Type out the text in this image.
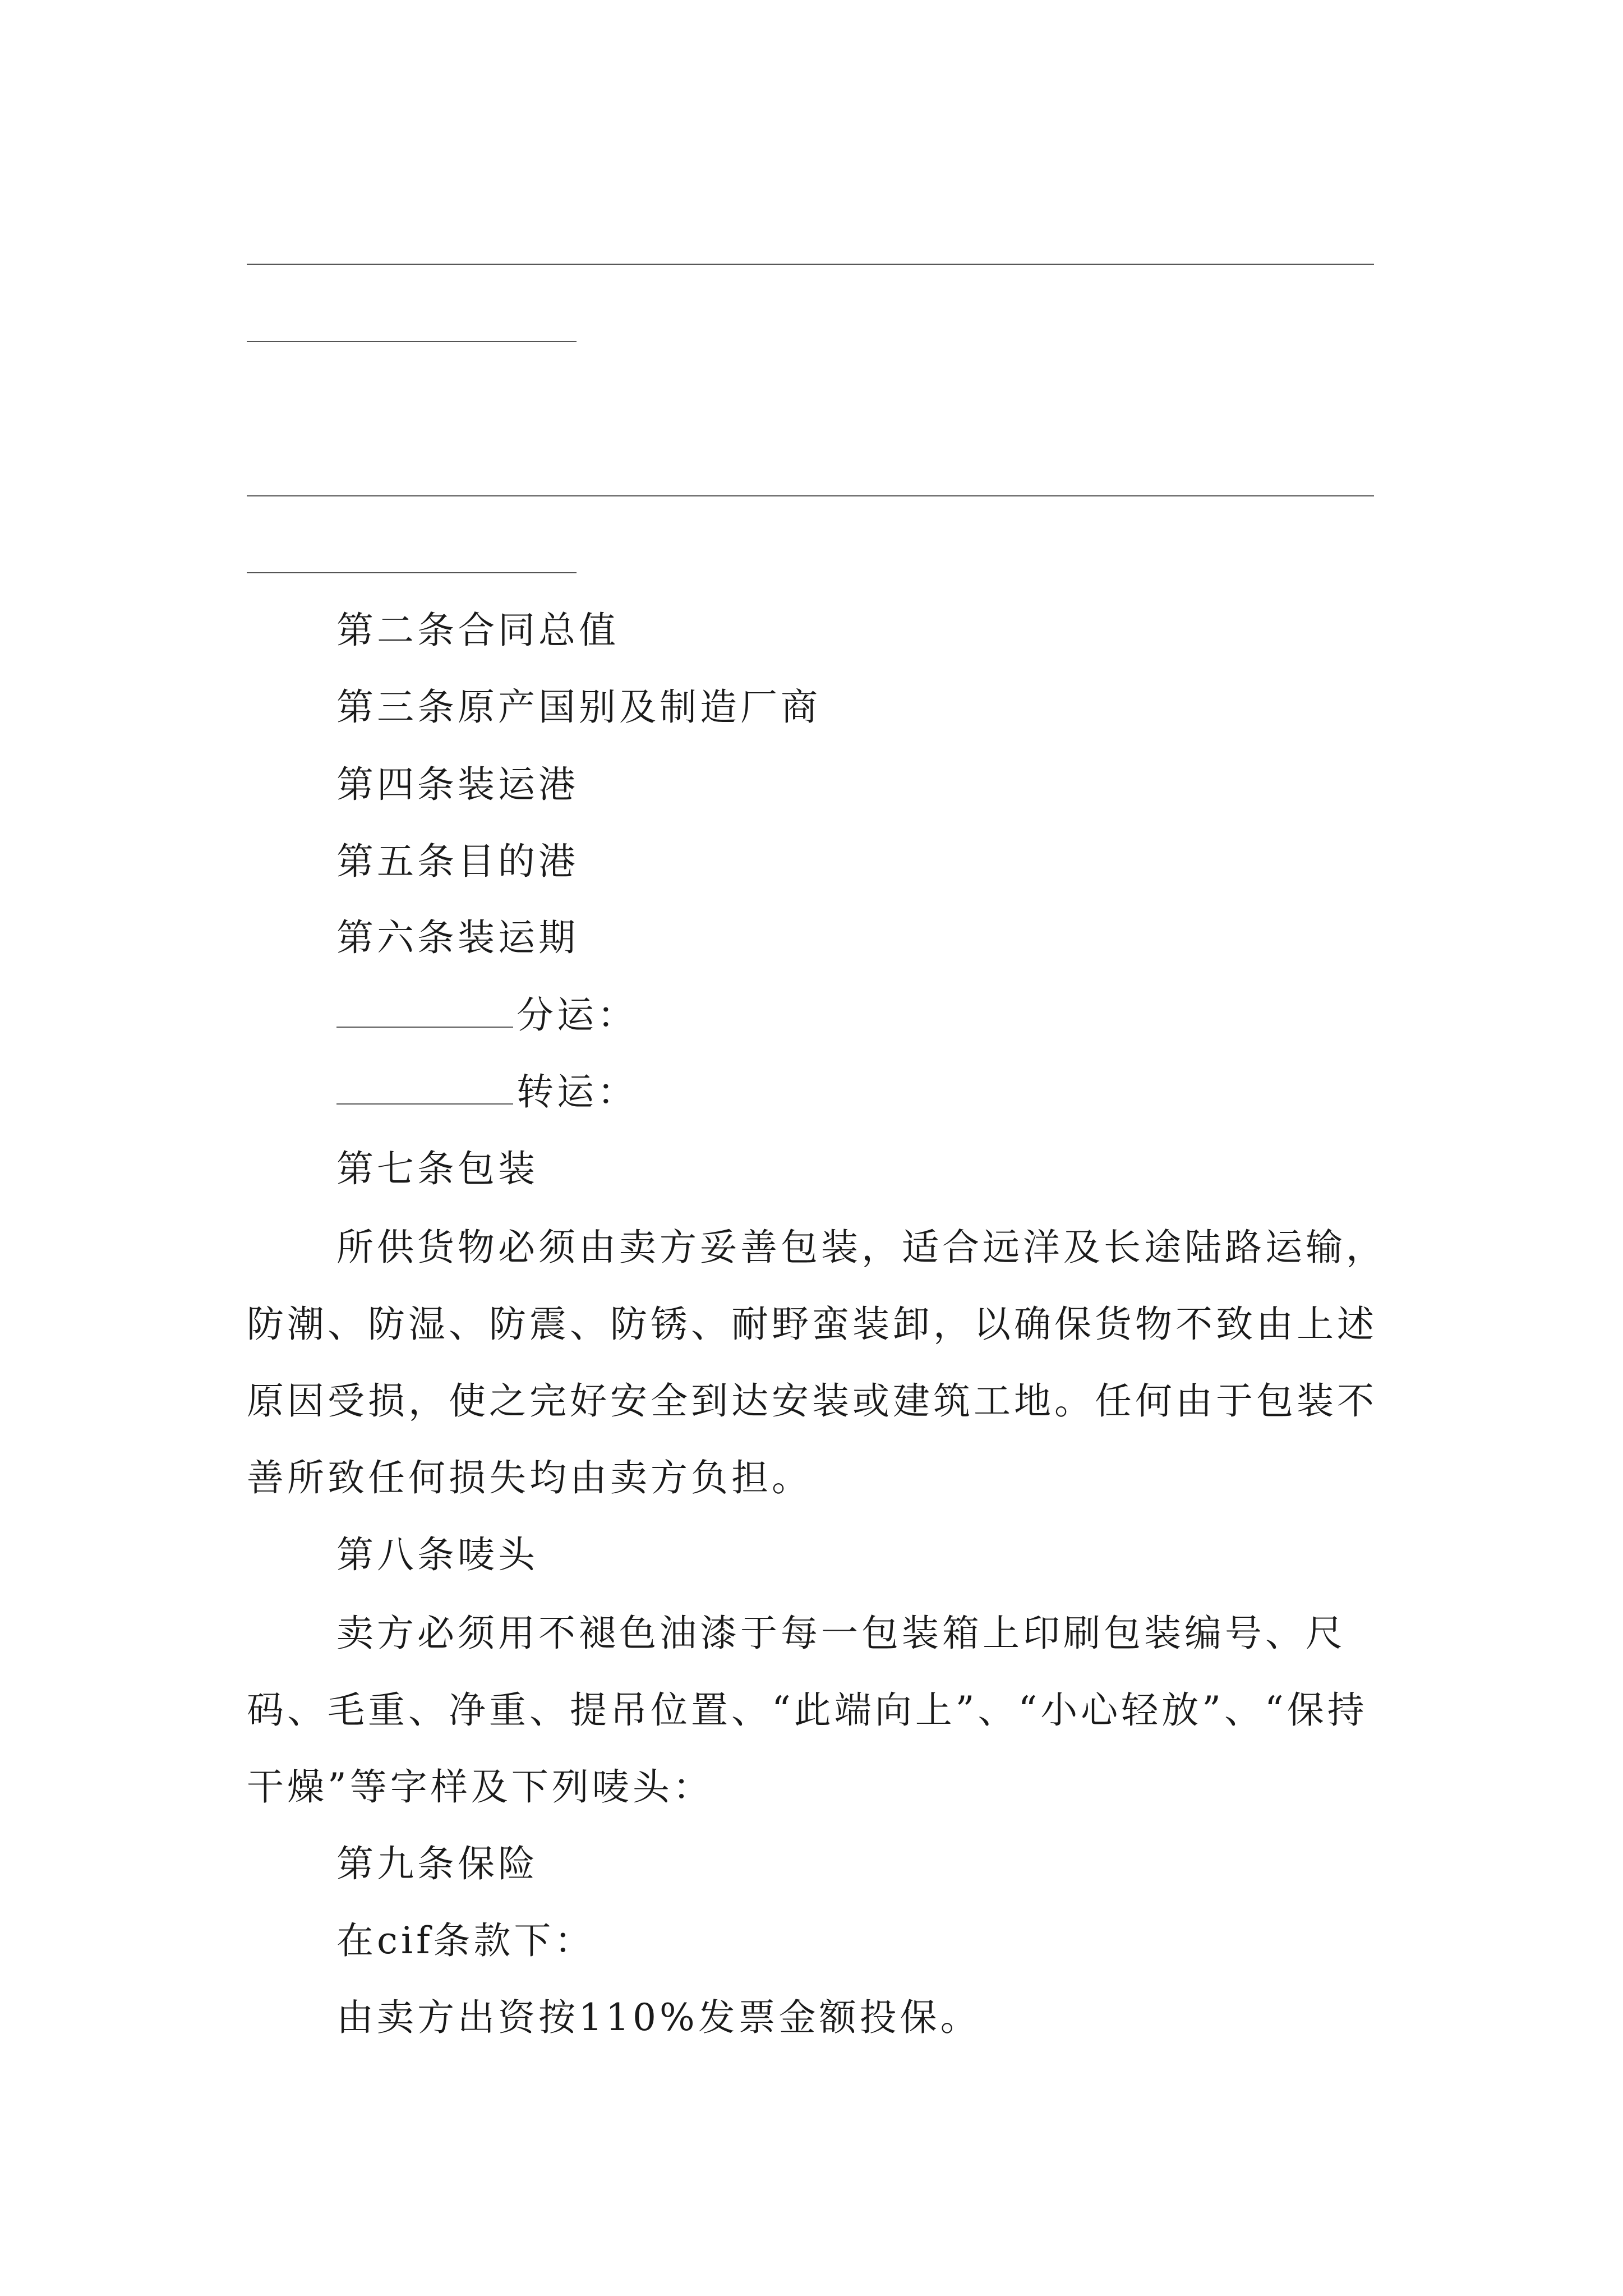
第二条合同总值
第三条原产国别及制造厂商
第四条装运港
第五条目的港
第六条装运期
分运：
转运：
第七条包装

所供货物必须由卖方妥善包装，适合远洋及长途陆路运输，防潮、防湿、防震、防锈、耐野蛮装卸，以确保货物不致由上述原因受损，使之完好安全到达安装或建筑工地。任何由于包装不善所致任何损失均由卖方负担。

第八条唛头

卖方必须用不褪色油漆于每一包装箱上印刷包装编号、尺码、毛重、净重、提吊位置、“此端向上”、“小心轻放”、“保持干燥”等字样及下列唛头：

第九条保险
在cif条款下：
由卖方出资按110%发票金额投保。
